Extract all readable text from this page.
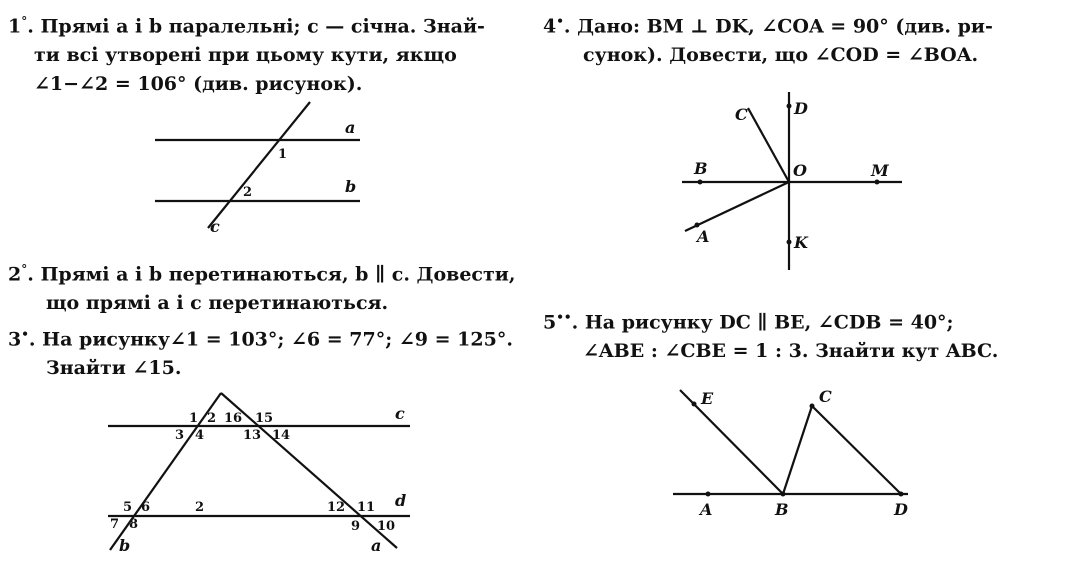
1°. Прямі a і b паралельні; c — січна. Знай-
ти всі утворені при цьому кути, якщо
∠1−∠2 = 106° (див. рисунок).
a
b
c
1
2
2°. Прямі a і b перетинаються, b ∥ c. Довести,
що прямі a і c перетинаються.
3•. На рисунку∠1 = 103°; ∠6 = 77°; ∠9 = 125°.
Знайти ∠15.
c
d
b	a
1 2 16 15
3 4	13 14
5 6	2	12 11
7 8	9 10
4•. Дано: BM ⊥ DK, ∠COA = 90° (див. ри-
сунок). Довести, що ∠COD = ∠BOA.
D
C
B	O	M
A	K
5••. На рисунку DC ∥ BE, ∠CDB = 40°;
∠ABE : ∠CBE = 1 : 3. Знайти кут ABC.
E	C
A	B	D
